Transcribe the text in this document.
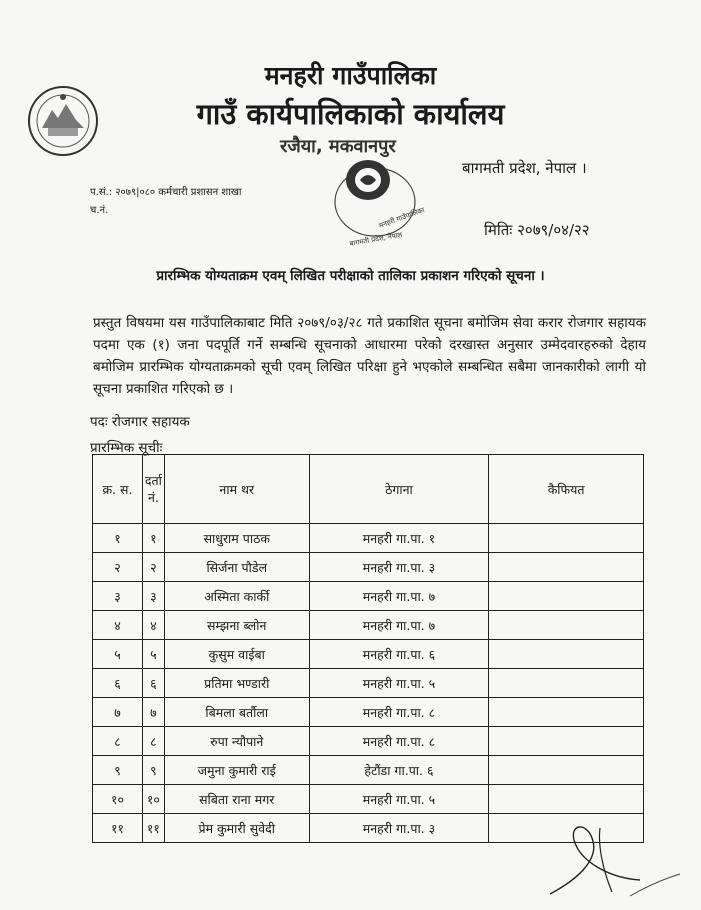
मनहरी गाउँपालिका
गाउँ कार्यपालिकाको कार्यालय
रजैया, मकवानपुर
बागमती प्रदेश, नेपाल ।
मनहरी गाउँपालिका
बागमती प्रदेश, नेपाल
प.सं.: २०७९|०८० कर्मचारी प्रशासन शाखा
च.नं.
मितिः २०७९/०४/२२
प्रारम्भिक योग्यताक्रम एवम् लिखित परीक्षाको तालिका प्रकाशन गरिएको सूचना ।
प्रस्तुत विषयमा यस गाउँपालिकाबाट मिति २०७९/०३/२८ गते प्रकाशित सूचना बमोजिम सेवा करार रोजगार सहायक पदमा एक (१) जना पदपूर्ति गर्ने सम्बन्धि सूचनाको आधारमा परेको दरखास्त अनुसार उम्मेदवारहरुको देहाय बमोजिम प्रारम्भिक योग्यताक्रमको सूची एवम् लिखित परिक्षा हुने भएकोले सम्बन्धित सबैमा जानकारीको लागी यो सूचना प्रकाशित गरिएको छ ।
पदः रोजगार सहायक
प्रारम्भिक सूचीः
क्र. स.	दर्ता नं.	नाम थर	ठेगाना	कैफियत
१	१	साधुराम पाठक	मनहरी गा.पा. १	
२	२	सिर्जना पौडेल	मनहरी गा.पा. ३	
३	३	अस्मिता कार्की	मनहरी गा.पा. ७	
४	४	सम्झना ब्लोन	मनहरी गा.पा. ७	
५	५	कुसुम वाईबा	मनहरी गा.पा. ६	
६	६	प्रतिमा भण्डारी	मनहरी गा.पा. ५	
७	७	बिमला बर्तौला	मनहरी गा.पा. ८	
८	८	रुपा न्यौपाने	मनहरी गा.पा. ८	
९	९	जमुना कुमारी राई	हेटौंडा गा.पा. ६	
१०	१०	सबिता राना मगर	मनहरी गा.पा. ५	
११	११	प्रेम कुमारी सुवेदी	मनहरी गा.पा. ३	
